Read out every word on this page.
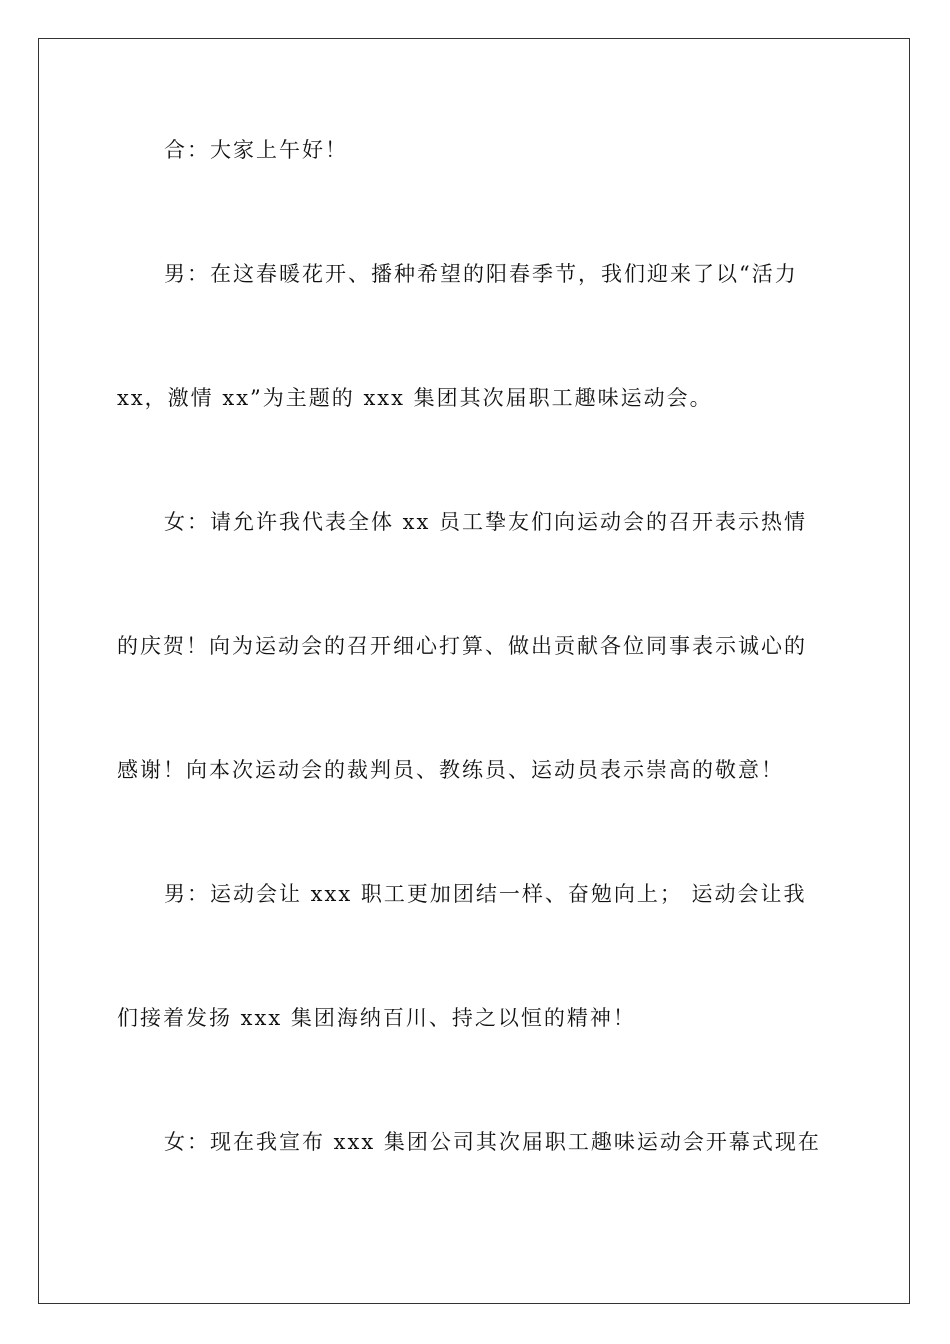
合：大家上午好！
男：在这春暖花开、播种希望的阳春季节，我们迎来了以“活力
xx，激情 xx”为主题的 xxx 集团其次届职工趣味运动会。
女：请允许我代表全体 xx 员工挚友们向运动会的召开表示热情
的庆贺！向为运动会的召开细心打算、做出贡献各位同事表示诚心的
感谢！向本次运动会的裁判员、教练员、运动员表示崇高的敬意！
男：运动会让 xxx 职工更加团结一样、奋勉向上； 运动会让我
们接着发扬 xxx 集团海纳百川、持之以恒的精神！
女：现在我宣布 xxx 集团公司其次届职工趣味运动会开幕式现在
